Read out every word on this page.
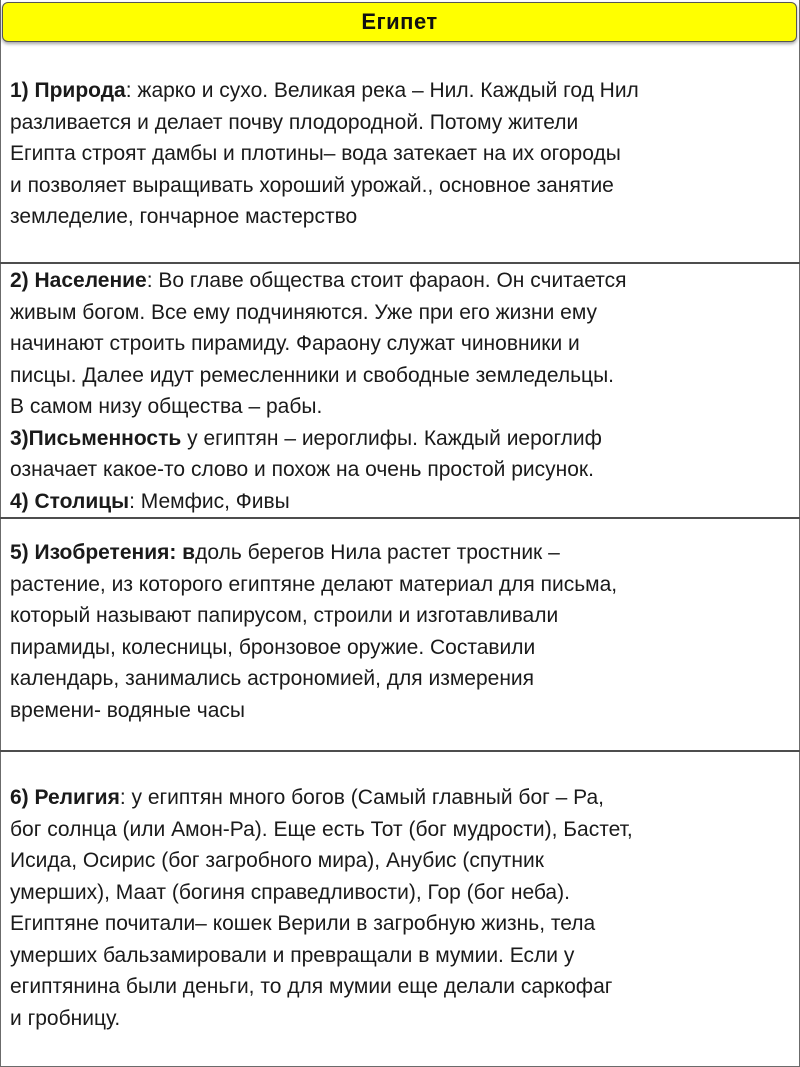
Египет
1) Природа: жарко и сухо. Великая река – Нил. Каждый год Нил
разливается и делает почву плодородной. Потому жители
Египта строят дамбы и плотины– вода затекает на их огороды
и позволяет выращивать хороший урожай., основное занятие
земледелие, гончарное мастерство
2) Население: Во главе общества стоит фараон. Он считается
живым богом. Все ему подчиняются. Уже при его жизни ему
начинают строить пирамиду. Фараону служат чиновники и
писцы. Далее идут ремесленники и свободные земледельцы.
В самом низу общества – рабы.
3)Письменность у египтян – иероглифы. Каждый иероглиф
означает какое-то слово и похож на очень простой рисунок.
4) Столицы: Мемфис, Фивы
5) Изобретения: вдоль берегов Нила растет тростник –
растение, из которого египтяне делают материал для письма,
который называют папирусом, строили и изготавливали
пирамиды, колесницы, бронзовое оружие. Составили
календарь, занимались астрономией, для измерения
времени- водяные часы
6) Религия: у египтян много богов (Самый главный бог – Ра,
бог солнца (или Амон-Ра). Еще есть Тот (бог мудрости), Бастет,
Исида, Осирис (бог загробного мира), Анубис (спутник
умерших), Маат (богиня справедливости), Гор (бог неба).
Египтяне почитали– кошек Верили в загробную жизнь, тела
умерших бальзамировали и превращали в мумии. Если у
египтянина были деньги, то для мумии еще делали саркофаг
и гробницу.
